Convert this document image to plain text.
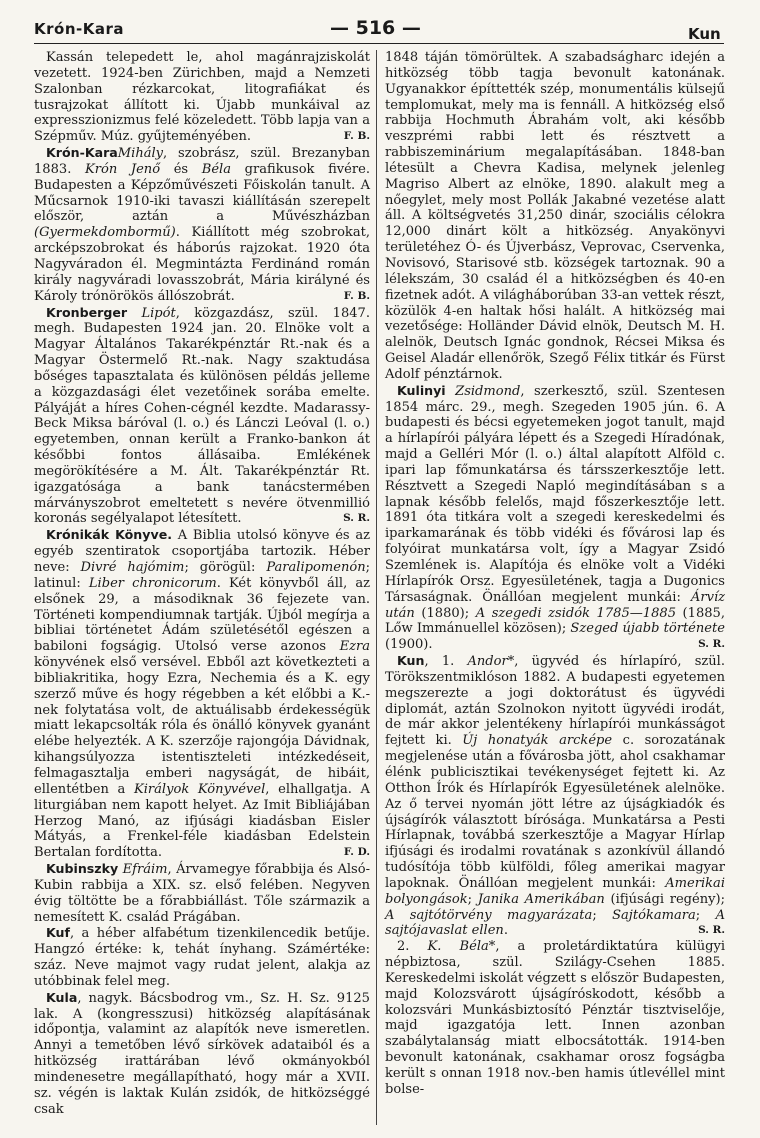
Krón-Kara	— 516 —	Kun

Kassán telepedett le, ahol magánrajziskolát vezetett. 1924-ben Zürichben, majd a Nemzeti Szalonban rézkarcokat, litografiákat és tusrajzokat állított ki. Újabb munkáival az expresszionizmus felé közeledett. Több lapja van a Szépműv. Múz. gyűjteményében.	F. B.

Krón-KaraMihály, szobrász, szül. Brezanyban 1883. Krón Jenő és Béla grafikusok fivére. Budapesten a Képzőművészeti Főiskolán tanult. A Műcsarnok 1910-iki tavaszi kiállításán szerepelt először, aztán a Művészházban (Gyermekdombormű). Kiállított még szobrokat, arcképszobrokat és háborús rajzokat. 1920 óta Nagyváradon él. Megmintázta Ferdinánd román király nagyváradi lovasszobrát, Mária királyné és Károly trónörökös állószobrát.	F. B.

Kronberger Lipót, közgazdász, szül. 1847. megh. Budapesten 1924 jan. 20. Elnöke volt a Magyar Általános Takarékpénztár Rt.-nak és a Magyar Östermelő Rt.-nak. Nagy szaktudása bőséges tapasztalata és különösen példás jelleme a közgazdasági élet vezetőinek sorába emelte. Pályáját a híres Cohen-cégnél kezdte. Madarassy-Beck Miksa báróval (l. o.) és Lánczi Leóval (l. o.) egyetemben, onnan került a Franko-bankon át későbbi fontos állásaiba. Emlékének megörökítésére a M. Ált. Takarékpénztár Rt. igazgatósága a bank tanácstermében márványszobrot emeltetett s nevére ötvenmillió koronás segélyalapot létesített.	S. R.

Krónikák Könyve. A Biblia utolsó könyve és az egyéb szentiratok csoportjába tartozik. Héber neve: Divré hajómim; görögül: Paralipomenón; latinul: Liber chronicorum. Két könyvből áll, az elsőnek 29, a másodiknak 36 fejezete van. Történeti kompendiumnak tartják. Újból megírja a bibliai történetet Ádám születésétől egészen a babiloni fogságig. Utolsó verse azonos Ezra könyvének első versével. Ebből azt következteti a bibliakritika, hogy Ezra, Nechemia és a K. egy szerző műve és hogy régebben a két előbbi a K.-nek folytatása volt, de aktuálisabb érdekességük miatt lekapcsolták róla és önálló könyvek gyanánt elébe helyezték. A K. szerzője rajongója Dávidnak, kihangsúlyozza istentiszteleti intézkedéseit, felmagasztalja emberi nagyságát, de hibáit, ellentétben a Királyok Könyvével, elhallgatja. A liturgiában nem kapott helyet. Az Imit Bibliájában Herzog Manó, az ifjúsági kiadásban Eisler Mátyás, a Frenkel-féle kiadásban Edelstein Bertalan fordította.	F. D.

Kubinszky Efráim, Árvamegye főrabbija és Alsó-Kubin rabbija a XIX. sz. első felében. Negyven évig töltötte be a főrabbiállást. Tőle származik a nemesített K. család Prágában.

Kuf, a héber alfabétum tizenkilencedik betűje. Hangzó értéke: k, tehát ínyhang. Számértéke: száz. Neve majmot vagy rudat jelent, alakja az utóbbinak felel meg.

Kula, nagyk. Bácsbodrog vm., Sz. H. Sz. 9125 lak. A (kongresszusi) hitközség alapításának időpontja, valamint az alapítók neve ismeretlen. Annyi a temetőben lévő sírkövek adataiból és a hitközség irattárában lévő okmányokból mindenesetre megállapítható, hogy már a XVII. sz. végén is laktak Kulán zsidók, de hitközséggé csak

1848 táján tömörültek. A szabadságharc idején a hitközség több tagja bevonult katonának. Ugyanakkor építtették szép, monumentális külsejű templomukat, mely ma is fennáll. A hitközség első rabbija Hochmuth Ábrahám volt, aki később veszprémi rabbi lett és résztvett a rabbiszeminárium megalapításában. 1848-ban létesült a Chevra Kadisa, melynek jelenleg Magriso Albert az elnöke, 1890. alakult meg a nőegylet, mely most Pollák Jakabné vezetése alatt áll. A költségvetés 31,250 dinár, szociális célokra 12,000 dinárt költ a hitközség. Anyakönyvi területéhez Ó- és Újverbász, Veprovac, Cservenka, Novisovó, Starisové stb. községek tartoznak. 90 a lélekszám, 30 család él a hitközségben és 40-en fizetnek adót. A világháborúban 33-an vettek részt, közülök 4-en haltak hősi halált. A hitközség mai vezetősége: Holländer Dávid elnök, Deutsch M. H. alelnök, Deutsch Ignác gondnok, Récsei Miksa és Geisel Aladár ellenőrök, Szegő Félix titkár és Fürst Adolf pénztárnok.

Kulinyi Zsidmond, szerkesztő, szül. Szentesen 1854 márc. 29., megh. Szegeden 1905 jún. 6. A budapesti és bécsi egyetemeken jogot tanult, majd a hírlapírói pályára lépett és a Szegedi Híradónak, majd a Gelléri Mór (l. o.) által alapított Alföld c. ipari lap főmunkatársa és társszerkesztője lett. Résztvett a Szegedi Napló megindításában s a lapnak később felelős, majd főszerkesztője lett. 1891 óta titkára volt a szegedi kereskedelmi és iparkamarának és több vidéki és fővárosi lap és folyóirat munkatársa volt, így a Magyar Zsidó Szemlének is. Alapítója és elnöke volt a Vidéki Hírlapírók Orsz. Egyesületének, tagja a Dugonics Társaságnak. Önállóan megjelent munkái: Árvíz után (1880); A szegedi zsidók 1785—1885 (1885, Lőw Immánuellel közösen); Szeged újabb története (1900).	S. R.

Kun, 1. Andor*, ügyvéd és hírlapíró, szül. Törökszentmiklóson 1882. A budapesti egyetemen megszerezte a jogi doktorátust és ügyvédi diplomát, aztán Szolnokon nyitott ügyvédi irodát, de már akkor jelentékeny hírlapírói munkásságot fejtett ki. Új honatyák arcképe c. sorozatának megjelenése után a fővárosba jött, ahol csakhamar élénk publicisztikai tevékenységet fejtett ki. Az Otthon Írók és Hírlapírók Egyesületének alelnöke. Az ő tervei nyomán jött létre az újságkiadók és újságírók választott bírósága. Munkatársa a Pesti Hírlapnak, továbbá szerkesztője a Magyar Hírlap ifjúsági és irodalmi rovatának s azonkívül állandó tudósítója több külföldi, főleg amerikai magyar lapoknak. Önállóan megjelent munkái: Amerikai bolyongások; Janika Amerikában (ifjúsági regény); A sajtótörvény magyarázata; Sajtókamara; A sajtójavaslat ellen.	S. R.

2. K. Béla*, a proletárdiktatúra külügyi népbiztosa, szül. Szilágy-Csehen 1885. Kereskedelmi iskolát végzett s először Budapesten, majd Kolozsvárott újságíróskodott, később a kolozsvári Munkásbiztosító Pénztár tisztviselője, majd igazgatója lett. Innen azonban szabálytalanság miatt elbocsátották. 1914-ben bevonult katonának, csakhamar orosz fogságba került s onnan 1918 nov.-ben hamis útlevéllel mint bolse-
